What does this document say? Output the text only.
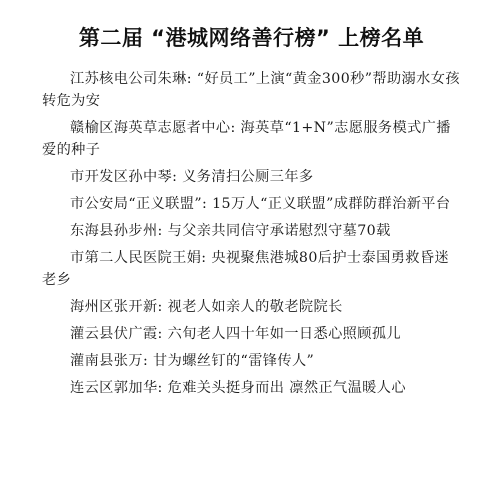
第二届 “港城网络善行榜” 上榜名单

江苏核电公司朱琳: “好员工”上演“黄金300秒”帮助溺水女孩转危为安

赣榆区海英草志愿者中心: 海英草“1+N”志愿服务模式广播爱的种子

市开发区孙中琴: 义务清扫公厕三年多

市公安局“正义联盟”: 15万人“正义联盟”成群防群治新平台

东海县孙步州: 与父亲共同信守承诺慰烈守墓70载

市第二人民医院王娟: 央视聚焦港城80后护士泰国勇救昏迷老乡

海州区张开新: 视老人如亲人的敬老院院长

灌云县伏广霞: 六旬老人四十年如一日悉心照顾孤儿

灌南县张万: 甘为螺丝钉的“雷锋传人”

连云区郭加华: 危难关头挺身而出 凛然正气温暖人心
